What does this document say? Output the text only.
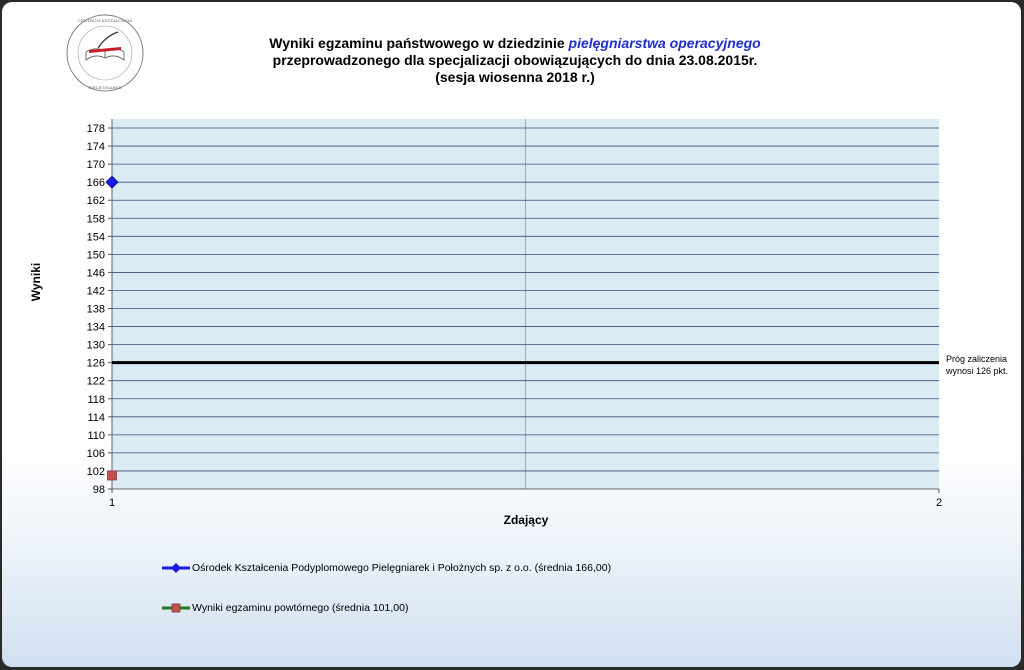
CENTRUM KSZTAŁCENIA
PIELĘGNIAREK
Wyniki egzaminu państwowego w dziedzinie pielęgniarstwa operacyjnego
przeprowadzonego dla specjalizacji obowiązujących do dnia 23.08.2015r.
(sesja wiosenna 2018 r.)
Wyniki
Zdający
98
102
106
110
114
118
122
126
130
134
138
142
146
150
154
158
162
166
170
174
178
1	2
Próg zaliczenia
wynosi 126 pkt.
Ośrodek Kształcenia Podyplomowego Pielęgniarek i Położnych sp. z o.o. (średnia 166,00)
Wyniki egzaminu powtórnego (średnia 101,00)
